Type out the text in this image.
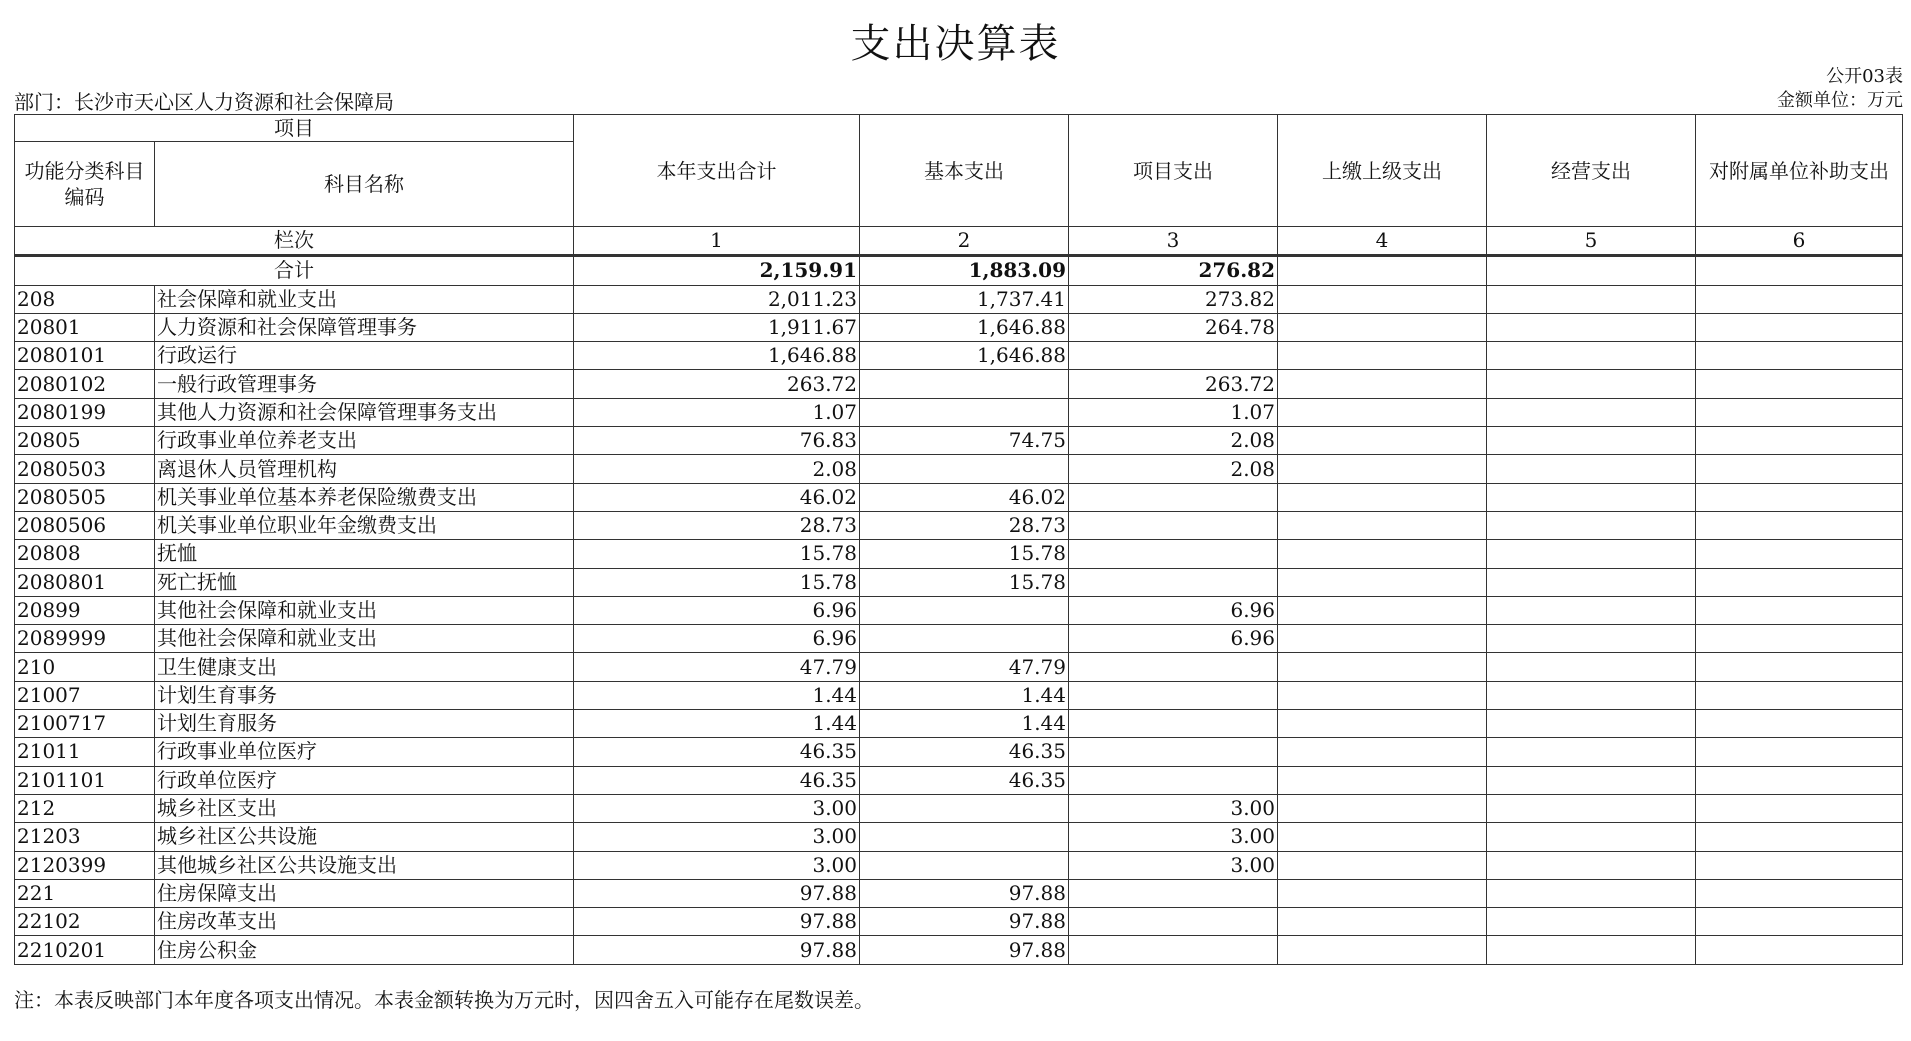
支出决算表
公开03表
部门：长沙市天心区人力资源和社会保障局	金额单位：万元
项目		本年支出合计	基本支出	项目支出	上缴上级支出	经营支出	对附属单位补助支出
功能分类科目编码	科目名称						
栏次		1	2	3	4	5	6
合计		2,159.91	1,883.09	276.82			
208	社会保障和就业支出	2,011.23	1,737.41	273.82			
20801	人力资源和社会保障管理事务	1,911.67	1,646.88	264.78			
2080101	行政运行	1,646.88	1,646.88				
2080102	一般行政管理事务	263.72		263.72			
2080199	其他人力资源和社会保障管理事务支出	1.07		1.07			
20805	行政事业单位养老支出	76.83	74.75	2.08			
2080503	离退休人员管理机构	2.08		2.08			
2080505	机关事业单位基本养老保险缴费支出	46.02	46.02				
2080506	机关事业单位职业年金缴费支出	28.73	28.73				
20808	抚恤	15.78	15.78				
2080801	死亡抚恤	15.78	15.78				
20899	其他社会保障和就业支出	6.96		6.96			
2089999	其他社会保障和就业支出	6.96		6.96			
210	卫生健康支出	47.79	47.79				
21007	计划生育事务	1.44	1.44				
2100717	计划生育服务	1.44	1.44				
21011	行政事业单位医疗	46.35	46.35				
2101101	行政单位医疗	46.35	46.35				
212	城乡社区支出	3.00		3.00			
21203	城乡社区公共设施	3.00		3.00			
2120399	其他城乡社区公共设施支出	3.00		3.00			
221	住房保障支出	97.88	97.88				
22102	住房改革支出	97.88	97.88				
2210201	住房公积金	97.88	97.88				
注：本表反映部门本年度各项支出情况。本表金额转换为万元时，因四舍五入可能存在尾数误差。
